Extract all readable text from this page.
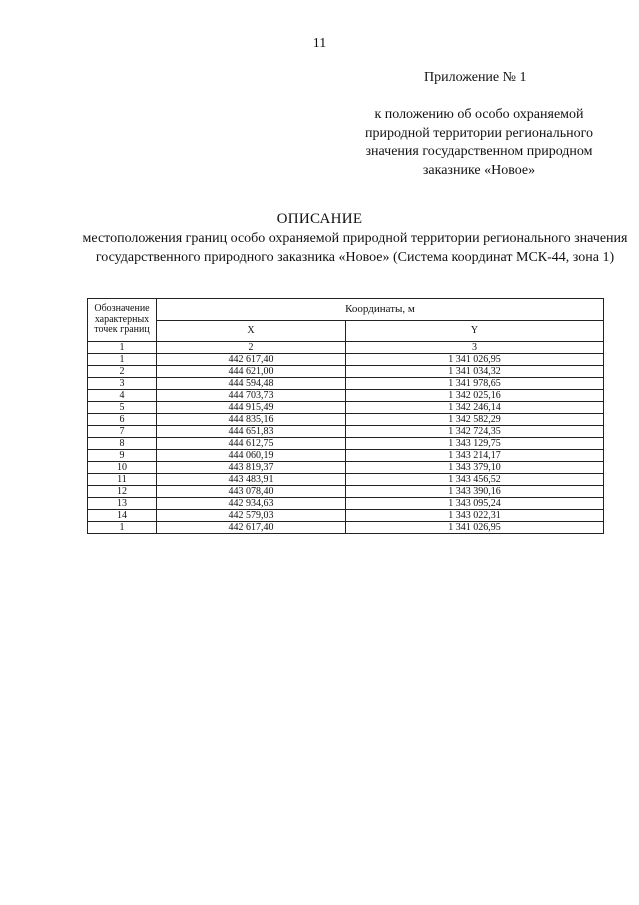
11
Приложение № 1
к положению об особо охраняемой природной территории регионального значения государственном природном заказнике «Новое»
ОПИСАНИЕ
местоположения границ особо охраняемой природной территории регионального значения государственного природного заказника «Новое» (Система координат МСК-44, зона 1)
Обозначение характерных точек границ	Координаты, м	
	X	Y
1	2	3
1	442 617,40	1 341 026,95
2	444 621,00	1 341 034,32
3	444 594,48	1 341 978,65
4	444 703,73	1 342 025,16
5	444 915,49	1 342 246,14
6	444 835,16	1 342 582,29
7	444 651,83	1 342 724,35
8	444 612,75	1 343 129,75
9	444 060,19	1 343 214,17
10	443 819,37	1 343 379,10
11	443 483,91	1 343 456,52
12	443 078,40	1 343 390,16
13	442 934,63	1 343 095,24
14	442 579,03	1 343 022,31
1	442 617,40	1 341 026,95
